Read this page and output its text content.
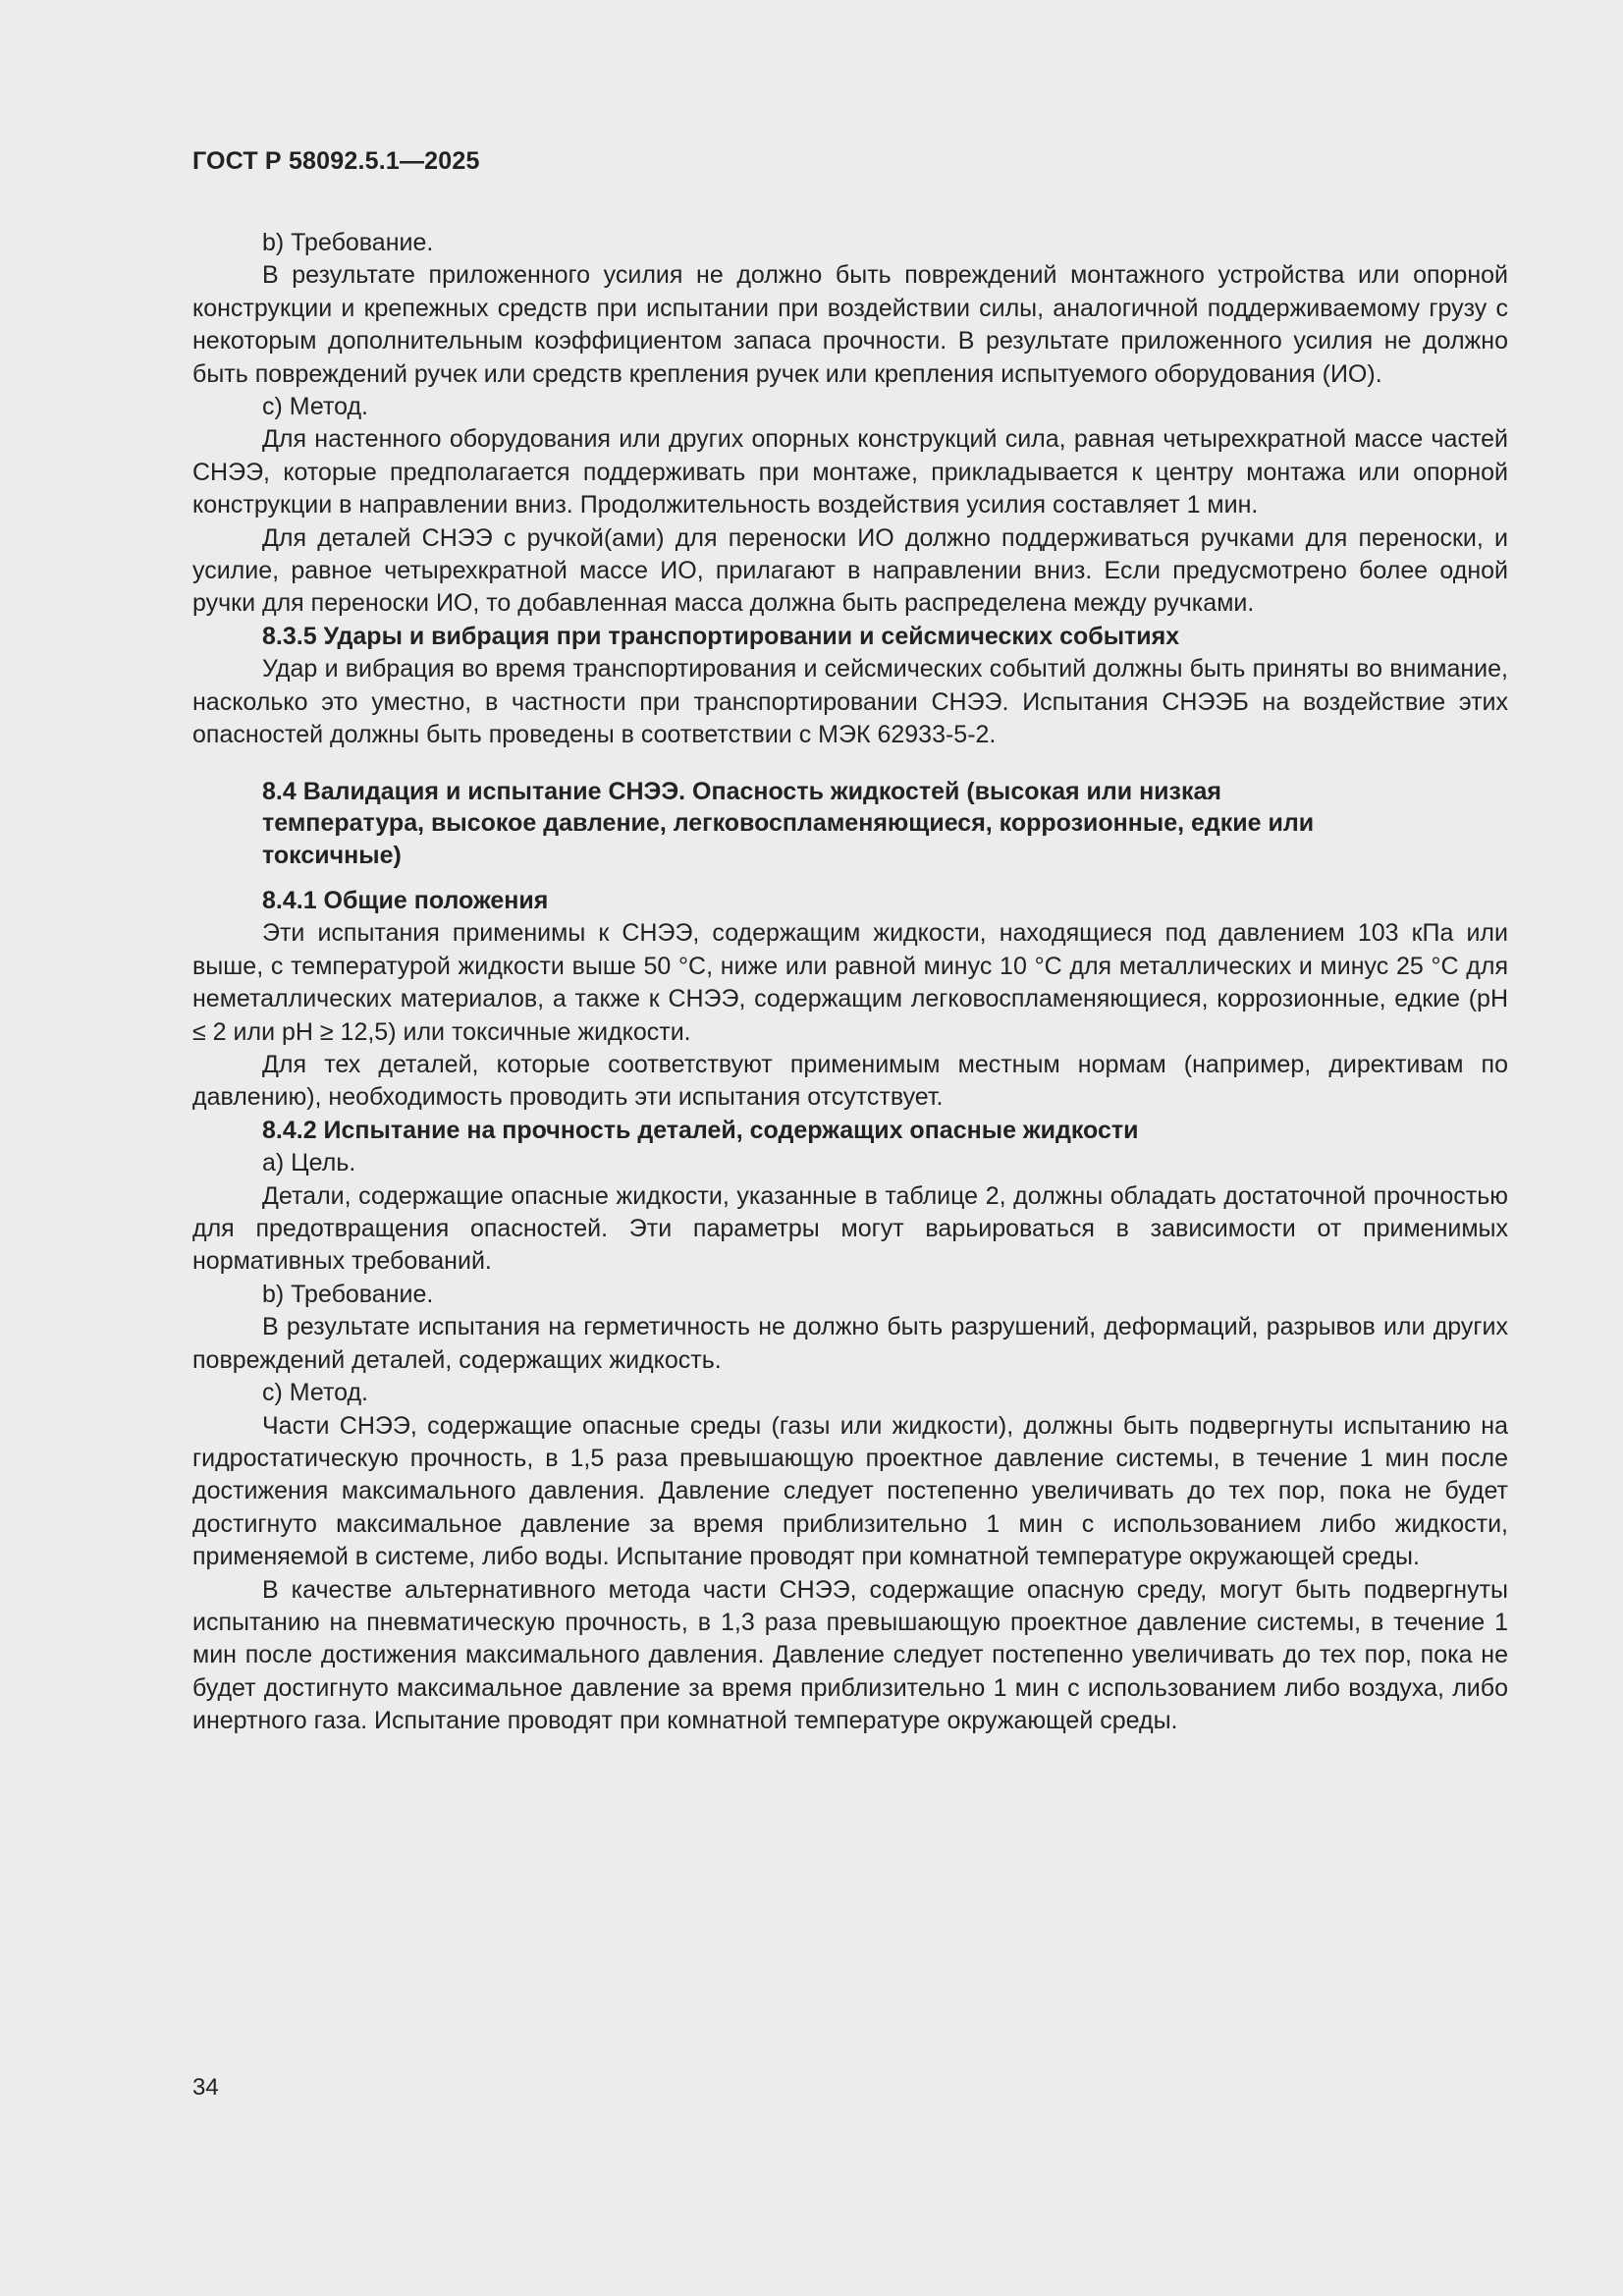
ГОСТ Р 58092.5.1—2025

b) Требование.

В результате приложенного усилия не должно быть повреждений монтажного устройства или опорной конструкции и крепежных средств при испытании при воздействии силы, аналогичной поддерживаемому грузу с некоторым дополнительным коэффициентом запаса прочности. В результате приложенного усилия не должно быть повреждений ручек или средств крепления ручек или крепления испытуемого оборудования (ИО).

c) Метод.

Для настенного оборудования или других опорных конструкций сила, равная четырехкратной массе частей СНЭЭ, которые предполагается поддерживать при монтаже, прикладывается к центру монтажа или опорной конструкции в направлении вниз. Продолжительность воздействия усилия составляет 1 мин.

Для деталей СНЭЭ с ручкой(ами) для переноски ИО должно поддерживаться ручками для переноски, и усилие, равное четырехкратной массе ИО, прилагают в направлении вниз. Если предусмотрено более одной ручки для переноски ИО, то добавленная масса должна быть распределена между ручками.

8.3.5 Удары и вибрация при транспортировании и сейсмических событиях

Удар и вибрация во время транспортирования и сейсмических событий должны быть приняты во внимание, насколько это уместно, в частности при транспортировании СНЭЭ. Испытания СНЭЭБ на воздействие этих опасностей должны быть проведены в соответствии с МЭК 62933-5-2.

8.4 Валидация и испытание СНЭЭ. Опасность жидкостей (высокая или низкая температура, высокое давление, легковоспламеняющиеся, коррозионные, едкие или токсичные)
8.4.1 Общие положения

Эти испытания применимы к СНЭЭ, содержащим жидкости, находящиеся под давлением 103 кПа или выше, с температурой жидкости выше 50 °С, ниже или равной минус 10 °С для металлических и минус 25 °С для неметаллических материалов, а также к СНЭЭ, содержащим легковоспламеняющиеся, коррозионные, едкие (рН ≤ 2 или рН ≥ 12,5) или токсичные жидкости.

Для тех деталей, которые соответствуют применимым местным нормам (например, директивам по давлению), необходимость проводить эти испытания отсутствует.

8.4.2 Испытание на прочность деталей, содержащих опасные жидкости

a) Цель.

Детали, содержащие опасные жидкости, указанные в таблице 2, должны обладать достаточной прочностью для предотвращения опасностей. Эти параметры могут варьироваться в зависимости от применимых нормативных требований.

b) Требование.

В результате испытания на герметичность не должно быть разрушений, деформаций, разрывов или других повреждений деталей, содержащих жидкость.

c) Метод.

Части СНЭЭ, содержащие опасные среды (газы или жидкости), должны быть подвергнуты испытанию на гидростатическую прочность, в 1,5 раза превышающую проектное давление системы, в течение 1 мин после достижения максимального давления. Давление следует постепенно увеличивать до тех пор, пока не будет достигнуто максимальное давление за время приблизительно 1 мин с использованием либо жидкости, применяемой в системе, либо воды. Испытание проводят при комнатной температуре окружающей среды.

В качестве альтернативного метода части СНЭЭ, содержащие опасную среду, могут быть подвергнуты испытанию на пневматическую прочность, в 1,3 раза превышающую проектное давление системы, в течение 1 мин после достижения максимального давления. Давление следует постепенно увеличивать до тех пор, пока не будет достигнуто максимальное давление за время приблизительно 1 мин с использованием либо воздуха, либо инертного газа. Испытание проводят при комнатной температуре окружающей среды.

34
